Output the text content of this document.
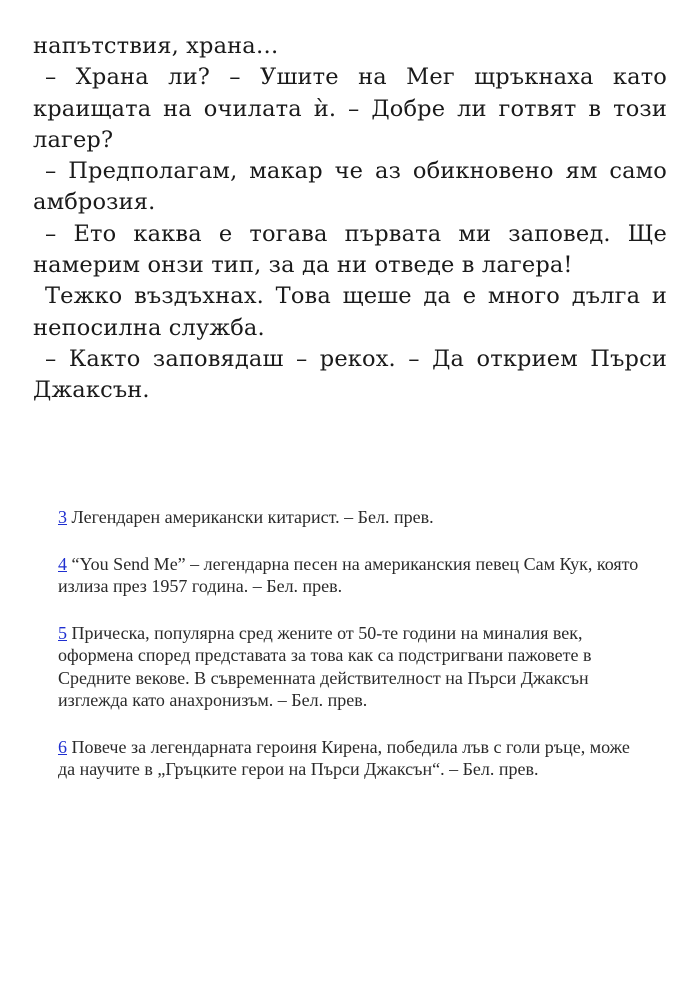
напътствия, храна…

– Храна ли? – Ушите на Мег щръкнаха като краищата на очилата ѝ. – Добре ли готвят в този лагер?

– Предполагам, макар че аз обикновено ям само амброзия.

– Ето каква е тогава първата ми заповед. Ще намерим онзи тип, за да ни отведе в лагера!

Тежко въздъхнах. Това щеше да е много дълга и непосилна служба.

– Както заповядаш – рекох. – Да открием Пърси Джаксън.

3 Легендарен американски китарист. – Бел. прев.

4 “You Send Me” – легендарна песен на американския певец Сам Кук, която излиза през 1957 година. – Бел. прев.

5 Прическа, популярна сред жените от 50-те години на миналия век, оформена според представата за това как са подстригвани пажовете в Средните векове. В съвременната действителност на Пърси Джаксън изглежда като анахронизъм. – Бел. прев.

6 Повече за легендарната героиня Кирена, победила лъв с голи ръце, може да научите в „Гръцките герои на Пърси Джаксън“. – Бел. прев.
